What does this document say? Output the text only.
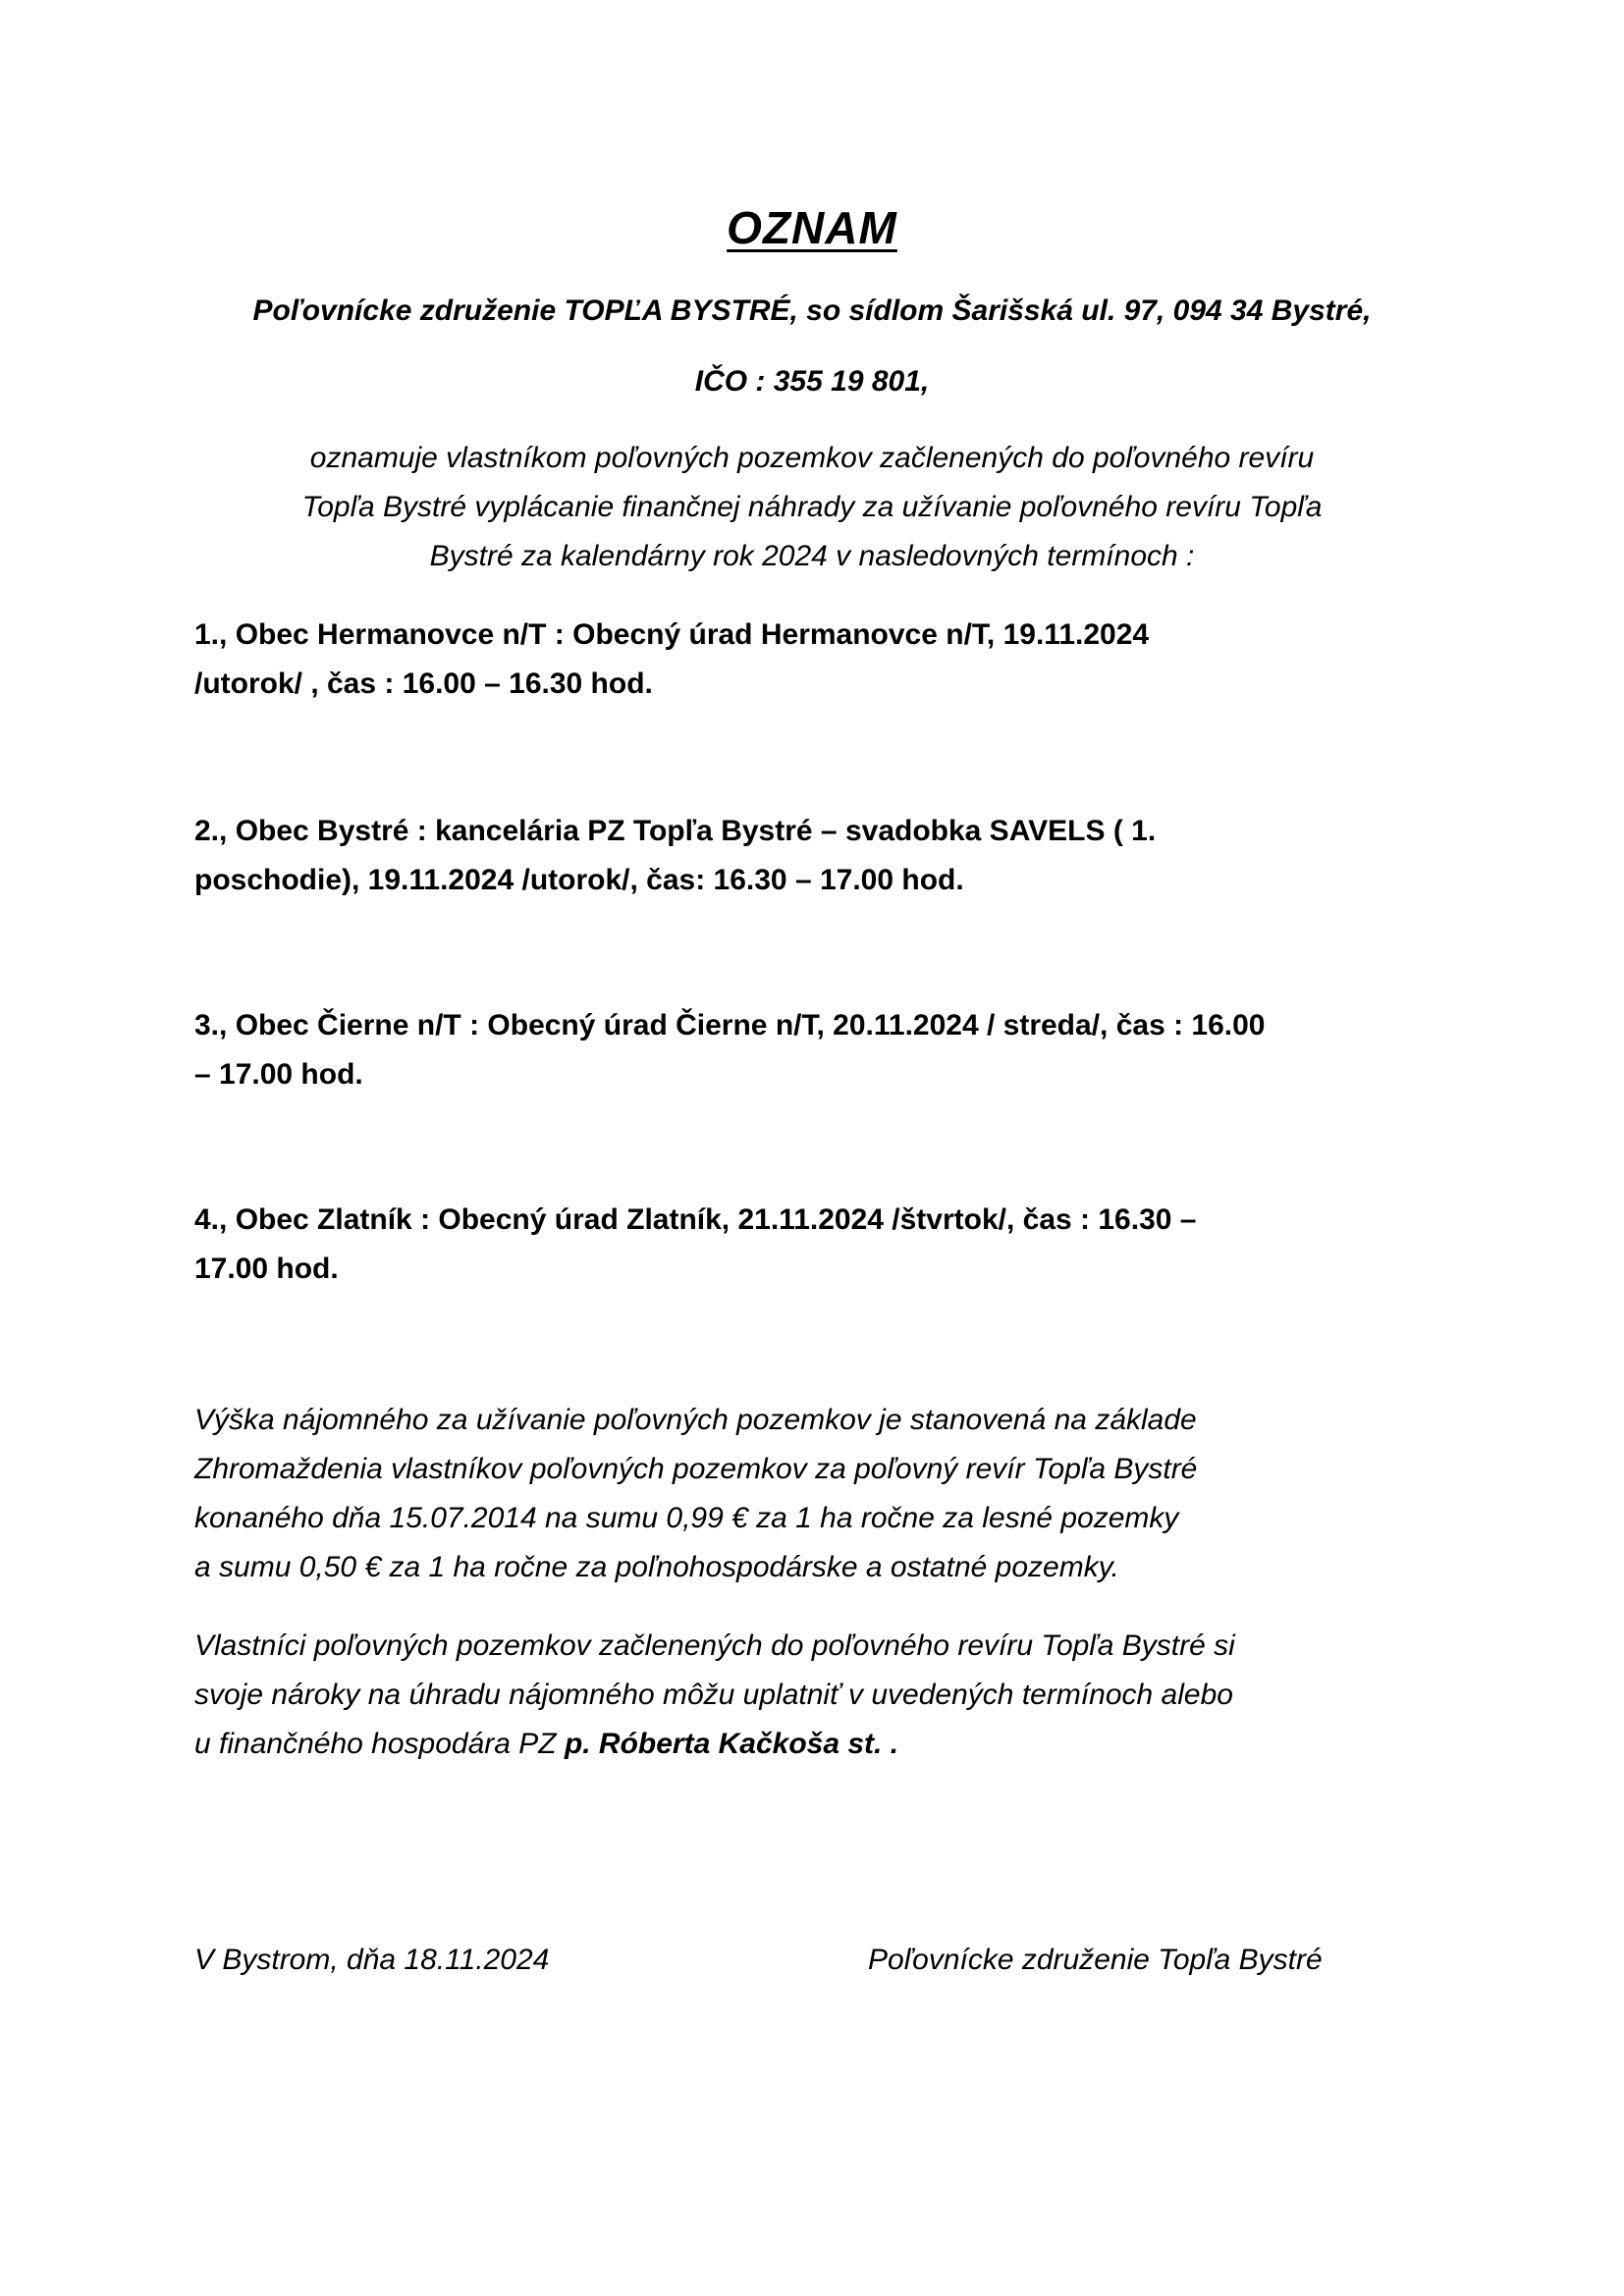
OZNAM
Poľovnícke združenie TOPĽA BYSTRÉ, so sídlom Šarišská ul. 97, 094 34 Bystré,
IČO : 355 19 801,
oznamuje vlastníkom poľovných pozemkov začlenených do poľovného revíru
Topľa Bystré vyplácanie finančnej náhrady za užívanie poľovného revíru Topľa
Bystré za kalendárny rok 2024 v nasledovných termínoch :
1., Obec Hermanovce n/T : Obecný úrad Hermanovce n/T, 19.11.2024
/utorok/ , čas : 16.00 – 16.30 hod.
2., Obec Bystré : kancelária PZ Topľa Bystré – svadobka SAVELS ( 1.
poschodie), 19.11.2024 /utorok/, čas: 16.30 – 17.00 hod.
3., Obec Čierne n/T : Obecný úrad Čierne n/T, 20.11.2024 / streda/, čas : 16.00
– 17.00 hod.
4., Obec Zlatník : Obecný úrad Zlatník, 21.11.2024 /štvrtok/, čas : 16.30 –
17.00 hod.
Výška nájomného za užívanie poľovných pozemkov je stanovená na základe
Zhromaždenia vlastníkov poľovných pozemkov za poľovný revír Topľa Bystré
konaného dňa 15.07.2014 na sumu 0,99 € za 1 ha ročne za lesné pozemky
a sumu 0,50 € za 1 ha ročne za poľnohospodárske a ostatné pozemky.
Vlastníci poľovných pozemkov začlenených do poľovného revíru Topľa Bystré si
svoje nároky na úhradu nájomného môžu uplatniť v uvedených termínoch alebo
u finančného hospodára PZ p. Róberta Kačkoša st. .
V Bystrom, dňa 18.11.2024	Poľovnícke združenie Topľa Bystré
